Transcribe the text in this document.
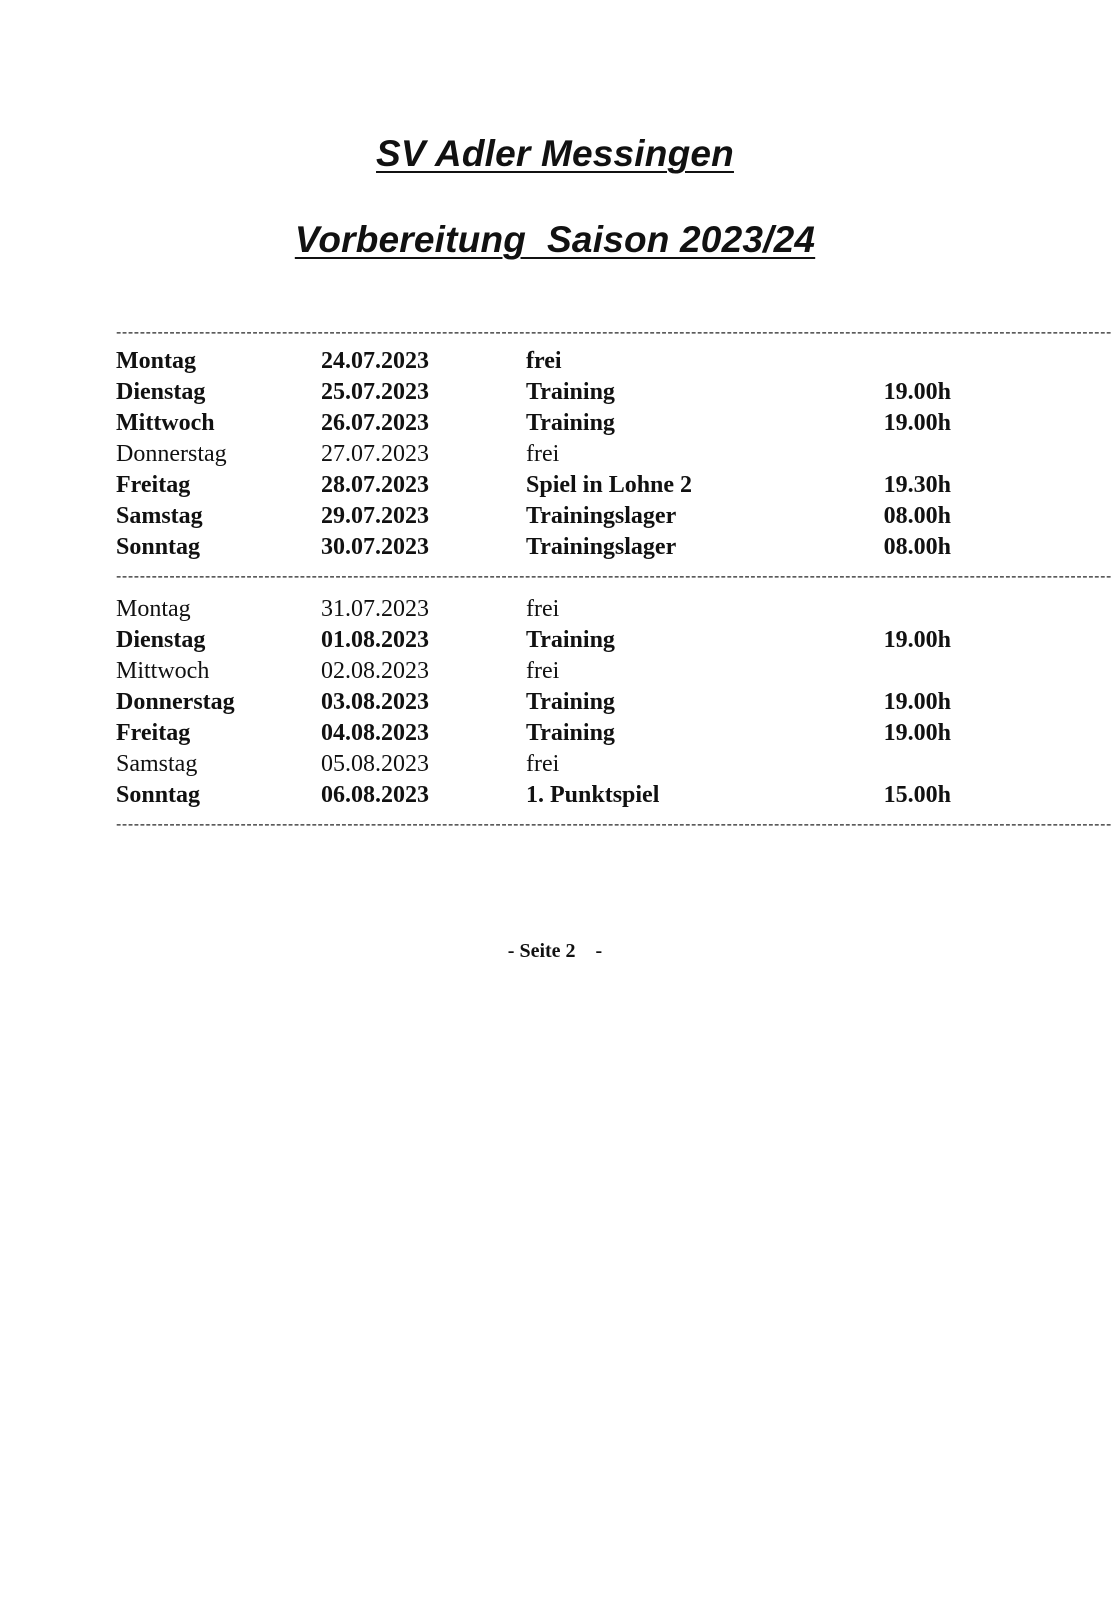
SV Adler Messingen
Vorbereitung  Saison 2023/24
------------------------------------------------------------------------------------------------------------------------------------------------------------------------
Montag	24.07.2023	frei
Dienstag	25.07.2023	Training	19.00h
Mittwoch	26.07.2023	Training	19.00h
Donnerstag	27.07.2023	frei
Freitag	28.07.2023	Spiel in Lohne 2	19.30h
Samstag	29.07.2023	Trainingslager	08.00h
Sonntag	30.07.2023	Trainingslager	08.00h
------------------------------------------------------------------------------------------------------------------------------------------------------------------------
Montag	31.07.2023	frei
Dienstag	01.08.2023	Training	19.00h
Mittwoch	02.08.2023	frei
Donnerstag	03.08.2023	Training	19.00h
Freitag	04.08.2023	Training	19.00h
Samstag	05.08.2023	frei
Sonntag	06.08.2023	1. Punktspiel	15.00h
------------------------------------------------------------------------------------------------------------------------------------------------------------------------
- Seite 2    -
